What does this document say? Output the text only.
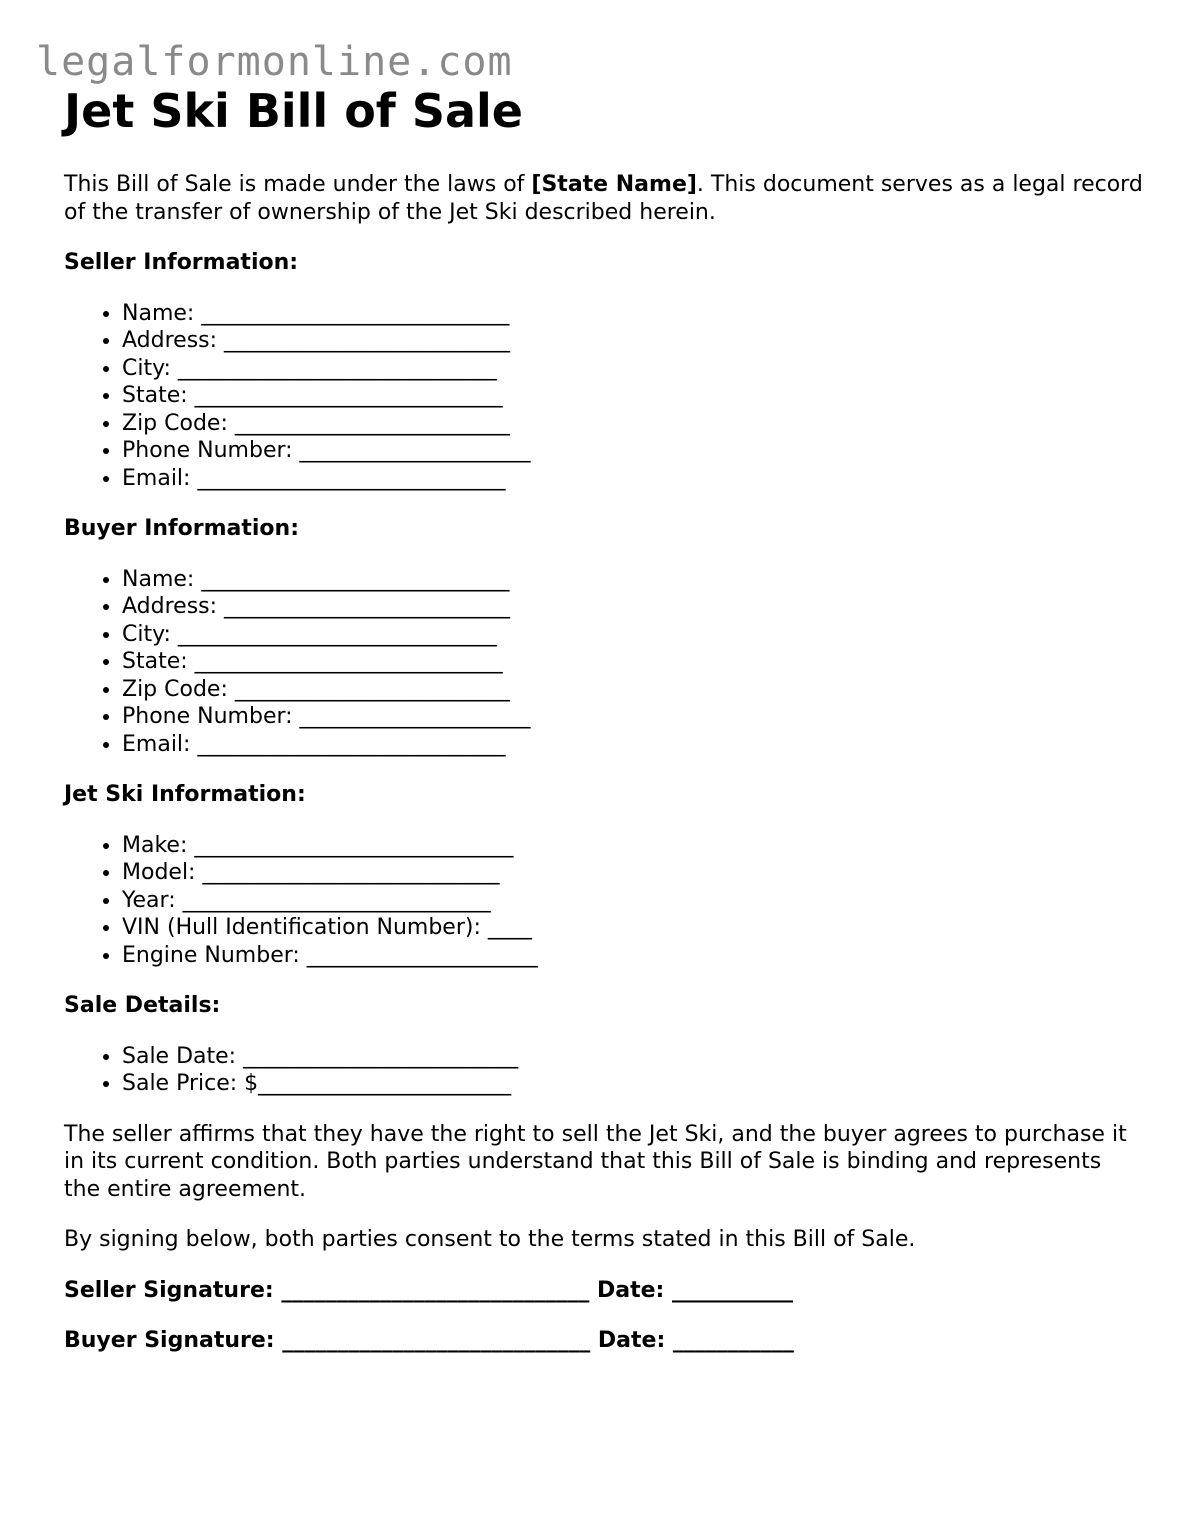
legalformonline.com
Jet Ski Bill of Sale

This Bill of Sale is made under the laws of [State Name]. This document serves as a legal record of the transfer of ownership of the Jet Ski described herein.

Seller Information:
• Name: ____________________________
• Address: __________________________
• City: _____________________________
• State: ____________________________
• Zip Code: _________________________
• Phone Number: _____________________
• Email: ____________________________
Buyer Information:
• Name: ____________________________
• Address: __________________________
• City: _____________________________
• State: ____________________________
• Zip Code: _________________________
• Phone Number: _____________________
• Email: ____________________________
Jet Ski Information:
• Make: _____________________________
• Model: ___________________________
• Year: ____________________________
• VIN (Hull Identification Number): ____
• Engine Number: _____________________
Sale Details:
• Sale Date: _________________________
• Sale Price: $_______________________

The seller affirms that they have the right to sell the Jet Ski, and the buyer agrees to purchase it in its current condition. Both parties understand that this Bill of Sale is binding and represents the entire agreement.

By signing below, both parties consent to the terms stated in this Bill of Sale.

Seller Signature: ____________________________ Date: ___________
Buyer Signature: ____________________________ Date: ___________
